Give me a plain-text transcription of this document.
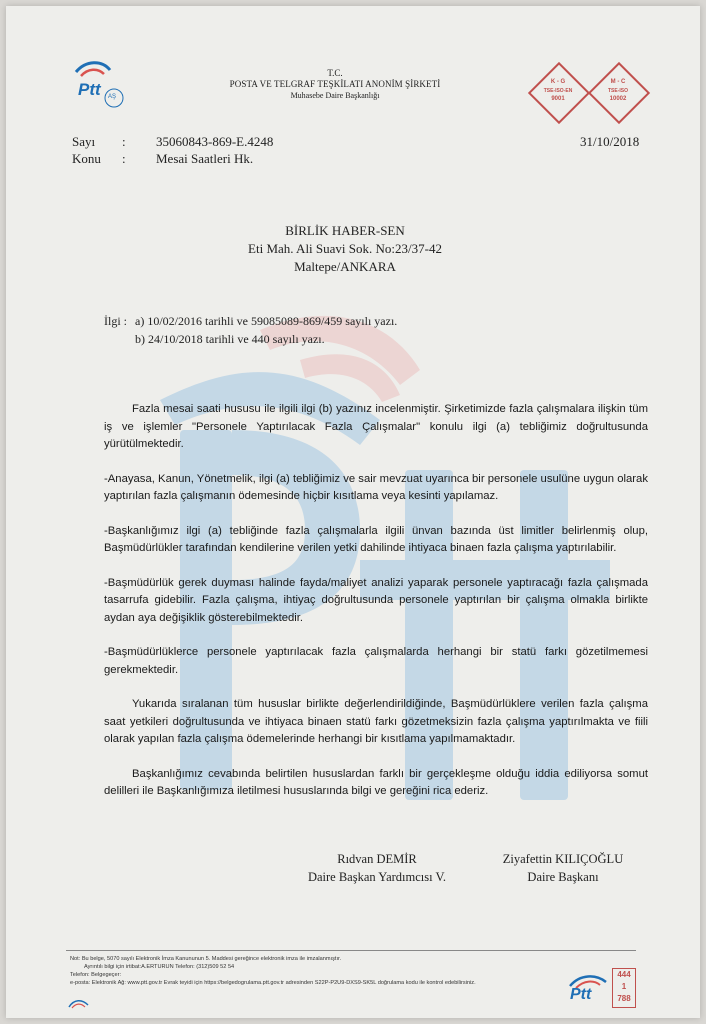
Ptt AŞ
T.C.
POSTA VE TELGRAF TEŞKİLATI ANONİM ŞİRKETİ
Muhasebe Daire Başkanlığı
K - G
TSE-ISO-EN
9001
M - C
TSE-ISO
10002
Sayı : 35060843-869-E.4248
Konu : Mesai Saatleri Hk.
31/10/2018
BİRLİK HABER-SEN
Eti Mah. Ali Suavi Sok. No:23/37-42 Maltepe/ANKARA
İlgi : a) 10/02/2016 tarihli ve 59085089-869/459 sayılı yazı.
b) 24/10/2018 tarihli ve 440 sayılı yazı.

Fazla mesai saati hususu ile ilgili ilgi (b) yazınız incelenmiştir. Şirketimizde fazla çalışmalara ilişkin tüm iş ve işlemler "Personele Yaptırılacak Fazla Çalışmalar" konulu ilgi (a) tebliğimiz doğrultusunda yürütülmektedir.

-Anayasa, Kanun, Yönetmelik, ilgi (a) tebliğimiz ve sair mevzuat uyarınca bir personele usulüne uygun olarak yaptırılan fazla çalışmanın ödemesinde hiçbir kısıtlama veya kesinti yapılamaz.

-Başkanlığımız ilgi (a) tebliğinde fazla çalışmalarla ilgili ünvan bazında üst limitler belirlenmiş olup, Başmüdürlükler tarafından kendilerine verilen yetki dahilinde ihtiyaca binaen fazla çalışma yaptırılabilir.

-Başmüdürlük gerek duyması halinde fayda/maliyet analizi yaparak personele yaptıracağı fazla çalışmada tasarrufa gidebilir. Fazla çalışma, ihtiyaç doğrultusunda personele yaptırılan bir çalışma olmakla birlikte aydan aya değişiklik gösterebilmektedir.

-Başmüdürlüklerce personele yaptırılacak fazla çalışmalarda herhangi bir statü farkı gözetilmemesi gerekmektedir.

Yukarıda sıralanan tüm hususlar birlikte değerlendirildiğinde, Başmüdürlüklere verilen fazla çalışma saat yetkileri doğrultusunda ve ihtiyaca binaen statü farkı gözetmeksizin fazla çalışma yaptırılmakta ve fiili olarak yapılan fazla çalışma ödemelerinde herhangi bir kısıtlama yapılmamaktadır.

Başkanlığımız cevabında belirtilen hususlardan farklı bir gerçekleşme olduğu iddia ediliyorsa somut delilleri ile Başkanlığımıza iletilmesi hususlarında bilgi ve gereğini rica ederiz.

Rıdvan DEMİR
Daire Başkan Yardımcısı V.
Ziyafettin KILIÇOĞLU
Daire Başkanı
Not: Bu belge, 5070 sayılı Elektronik İmza Kanununun 5. Maddesi gereğince elektronik imza ile imzalanmıştır.
Ayrıntılı bilgi için irtibat:A.ERTURUN Telefon: (312)509 52 54
Telefon: Belgegeçer:
e-posta: Elektronik Ağ: www.ptt.gov.tr Evrak teyidi için https://belgedogrulama.ptt.gov.tr adresinden S22P-P2U9-DXS9-SK5L doğrulama kodu ile kontrol edebilirsiniz.
Ptt
444
1
788
